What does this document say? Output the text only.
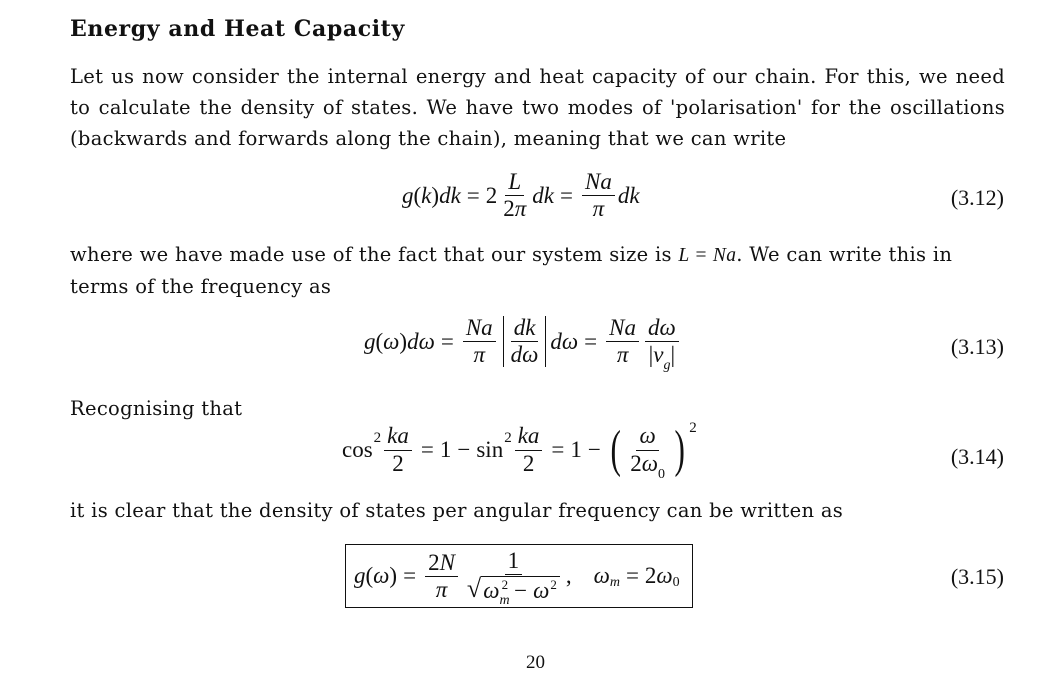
Energy and Heat Capacity
Let us now consider the internal energy and heat capacity of our chain. For this, we need to calculate the density of states. We have two modes of 'polarisation' for the oscillations (backwards and forwards along the chain), meaning that we can write
g ( k ) dk = $2 \frac{L}{2\pi}$ dk = $\frac{Na}{\pi}$ dk	(3.12)
where we have made use of the fact that our system size is L = Na. We can write this in terms of the frequency as
g ( ω ) $d\omega = \frac{Na}{\pi} \frac{dk}{d\omega}$ $d\omega = \frac{Na}{\pi} \frac{d\omega}{|v_g|}$	(3.13)
Recognising that
$\cos 2 \frac{ka}{2} = 1 - \sin 2 \frac{ka}{2} = 1$ − ( $\frac{\omega}{2\omega_0}$ ) 2
(3.14)
it is clear that the density of states per angular frequency can be written as
g ( ω ) = $\frac{2N}{\pi} \frac{1}{√ \omega_m^2 - \omega^2}$ , ω m = 2 ω 0	(3.15)
20
